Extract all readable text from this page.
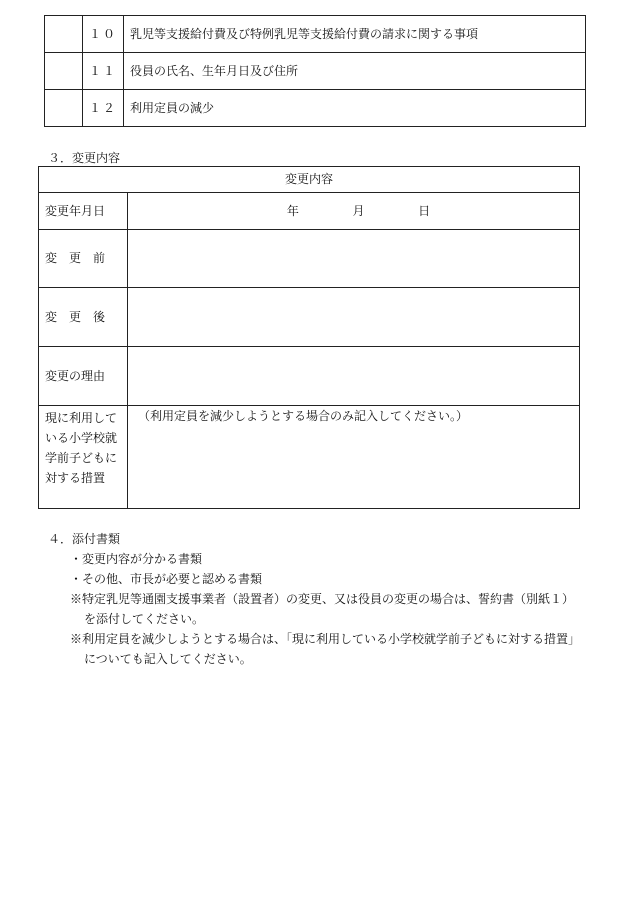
	１０	乳児等支援給付費及び特例乳児等支援給付費の請求に関する事項
	１１	役員の氏名、生年月日及び住所
	１２	利用定員の減少
３．変更内容
変更内容	
変更年月日	年 月 日
変更前	
変更後	
変更の理由	
現に利用している小学校就学前子どもに対する措置	（利用定員を減少しようとする場合のみ記入してください。）
４．添付書類
・変更内容が分かる書類
・その他、市長が必要と認める書類
※特定乳児等通園支援事業者（設置者）の変更、又は役員の変更の場合は、誓約書（別紙１）
を添付してください。
※利用定員を減少しようとする場合は、「現に利用している小学校就学前子どもに対する措置」
についても記入してください。
